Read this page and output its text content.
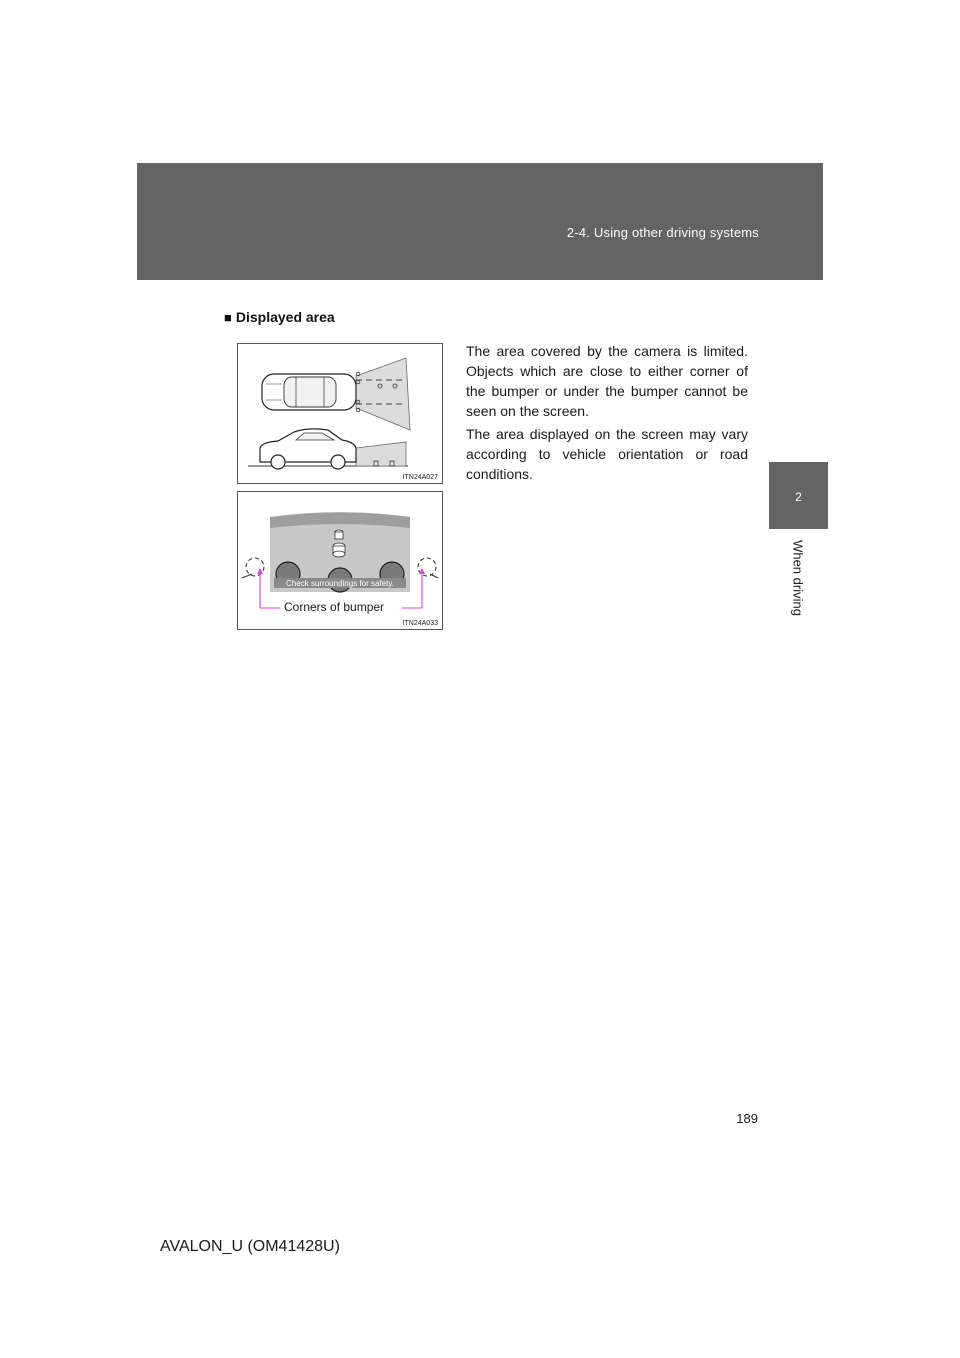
2-4. Using other driving systems
2
When driving
■ Displayed area
ITN24A027
Check surroundings for safety.
Corners of bumper
ITN24A033
The area covered by the camera is limited. Objects which are close to either corner of the bumper or under the bumper cannot be seen on the screen.
The area displayed on the screen may vary according to vehicle orientation or road conditions.
189
AVALON_U (OM41428U)
